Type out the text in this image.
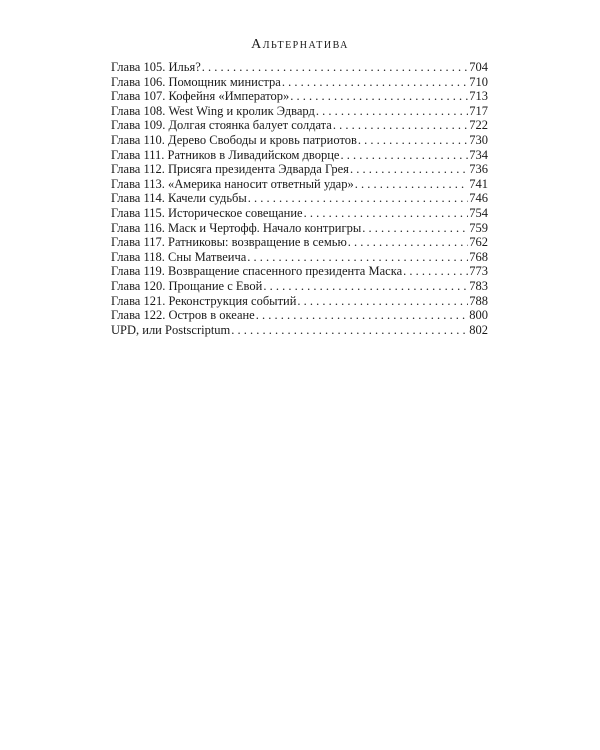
Альтернатива
Глава 105. Илья? . . .	704
Глава 106. Помощник министра . . .	710
Глава 107. Кофейня «Император» . . .	713
Глава 108. West Wing и кролик Эдвард . . .	717
Глава 109. Долгая стоянка балует солдата . . .	722
Глава 110. Дерево Свободы и кровь патриотов . . .	730
Глава 111. Ратников в Ливадийском дворце . . .	734
Глава 112. Присяга президента Эдварда Грея . . .	736
Глава 113. «Америка наносит ответный удар» . . .	741
Глава 114. Качели судьбы . . .	746
Глава 115. Историческое совещание . . .	754
Глава 116. Маск и Чертофф. Начало контригры . . .	759
Глава 117. Ратниковы: возвращение в семью . . .	762
Глава 118. Сны Матвеича . . .	768
Глава 119. Возвращение спасенного президента Маска . . .	773
Глава 120. Прощание с Евой . . .	783
Глава 121. Реконструкция событий . . .	788
Глава 122. Остров в океане . . .	800
UPD, или Postscriptum . . .	802
